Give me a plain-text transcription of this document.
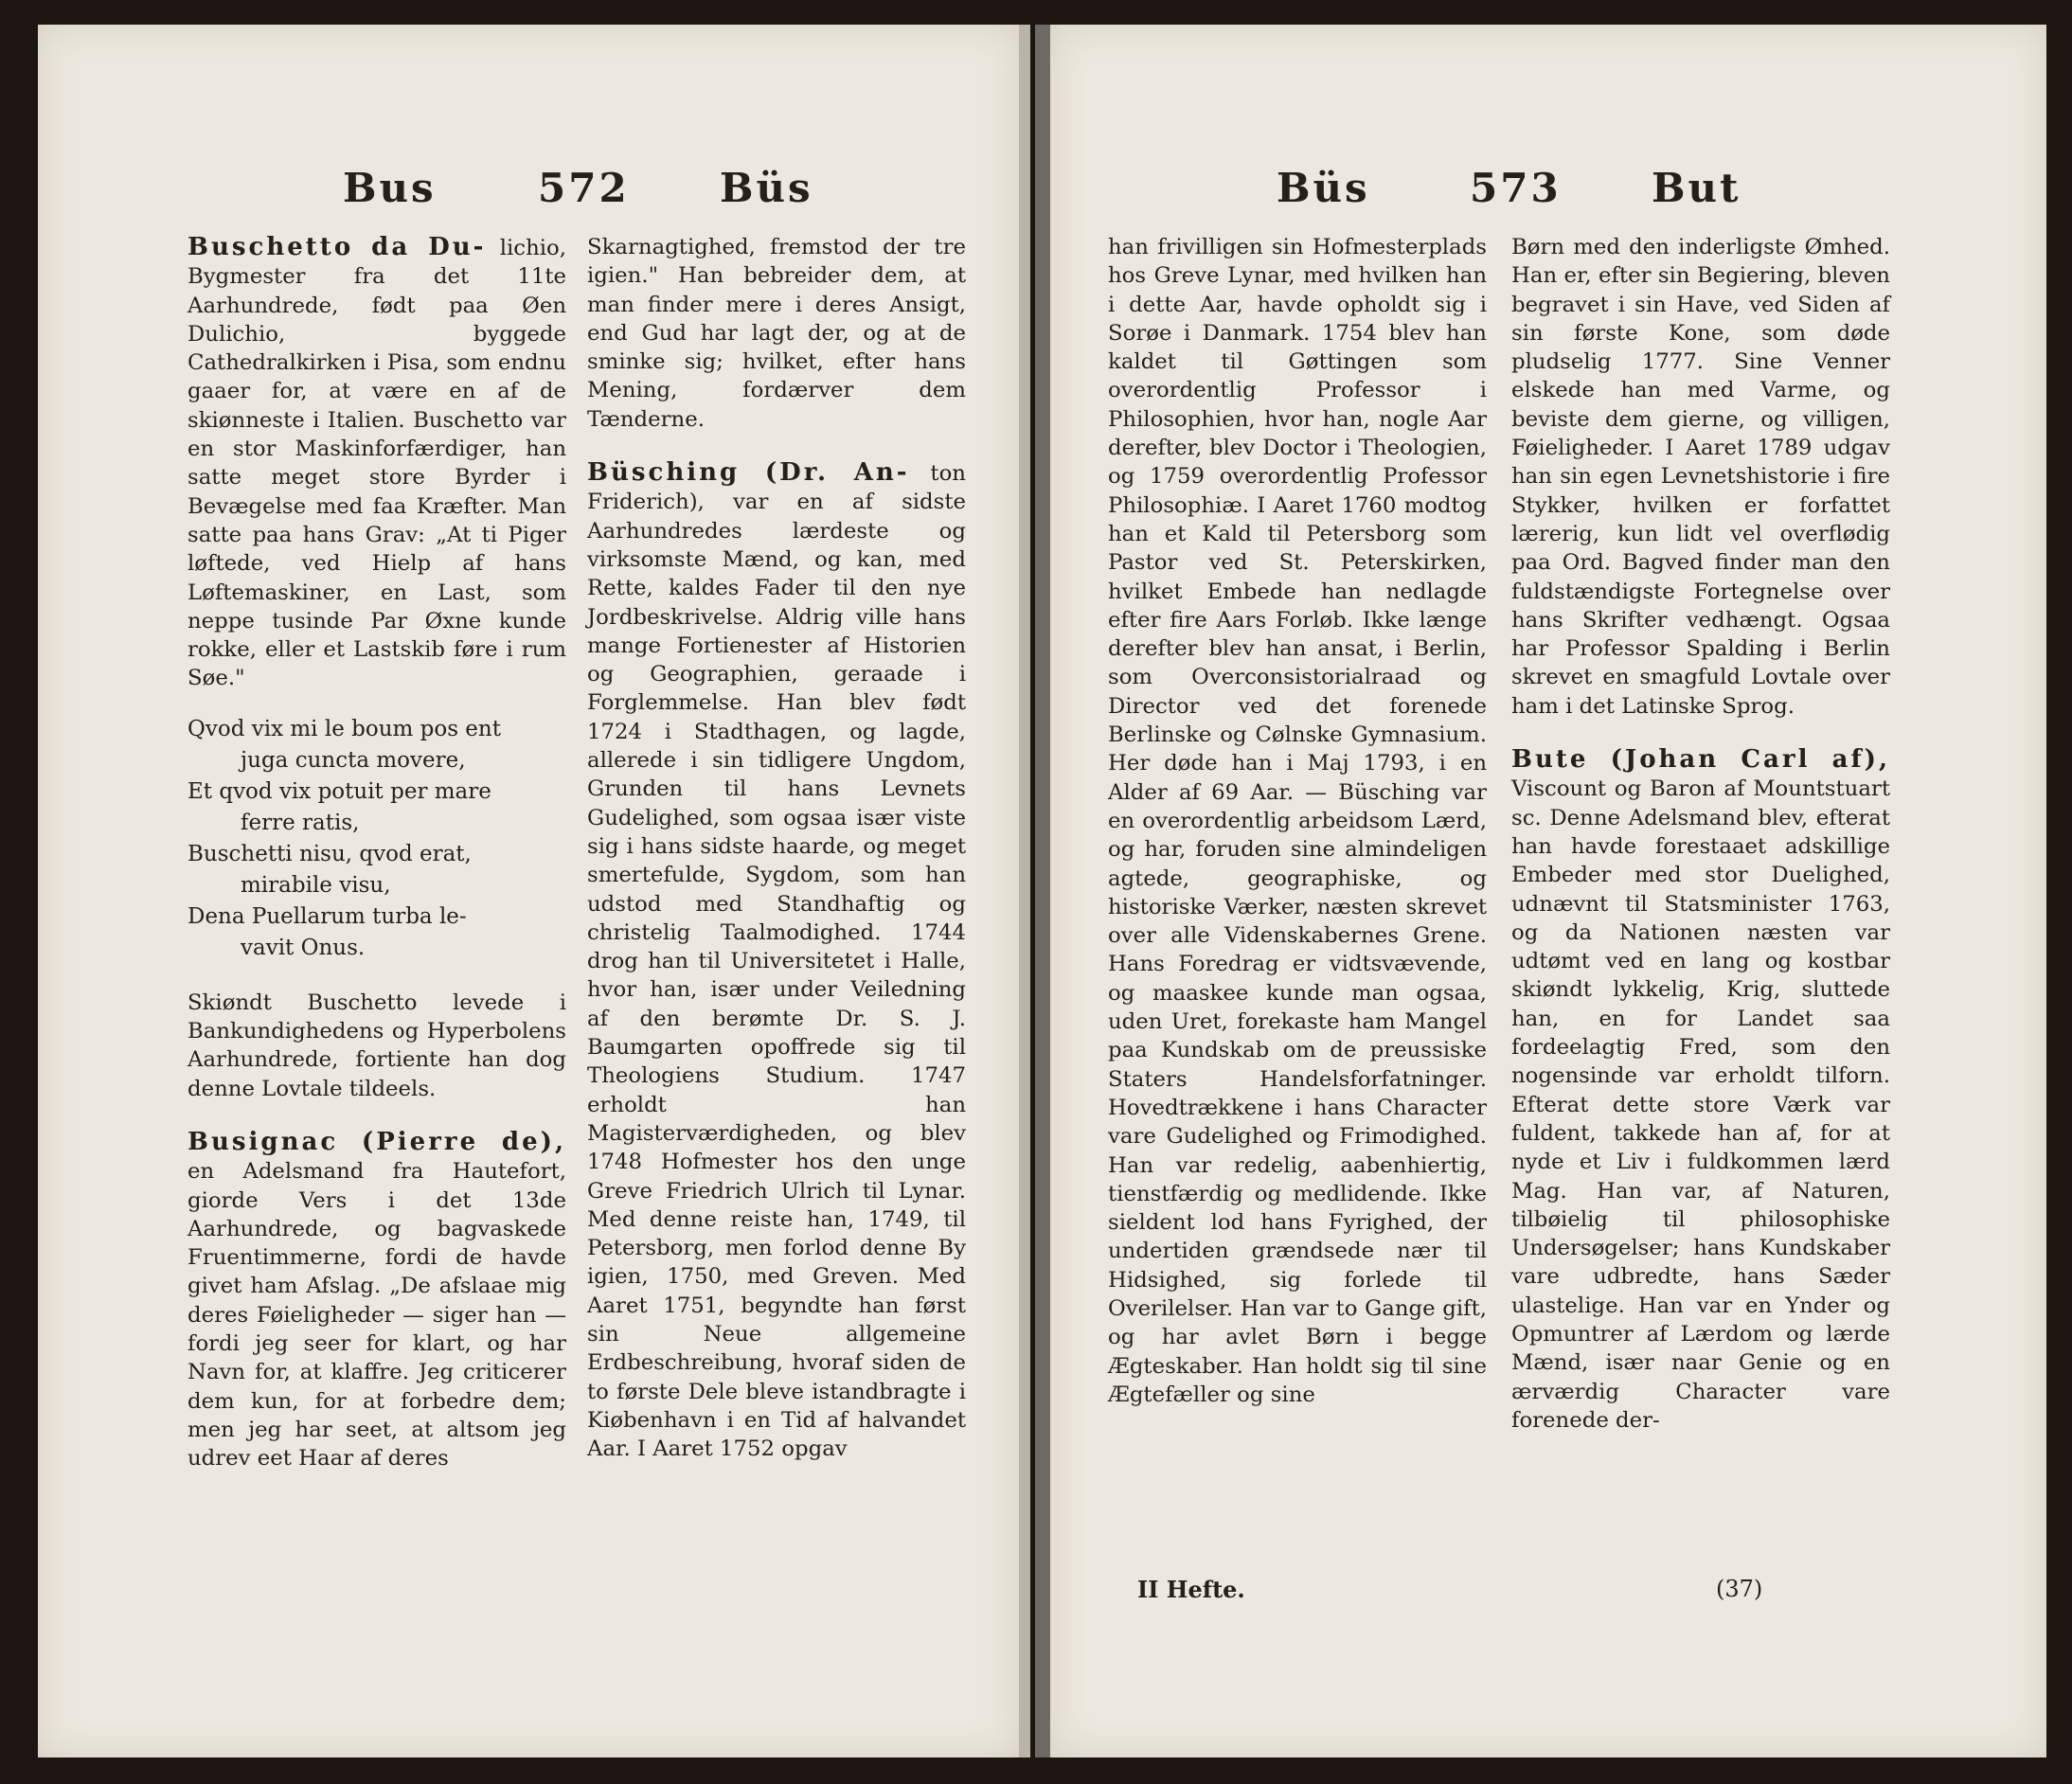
Bus	572 Büs

Buschetto da Du- lichio, Bygmester fra det 11te Aarhundrede, født paa Øen Dulichio, byggede Cathedralkirken i Pisa, som endnu gaaer for, at være en af de skiønneste i Italien. Buschetto var en stor Maskinforfærdiger, han satte meget store Byrder i Bevægelse med faa Kræfter. Man satte paa hans Grav: „At ti Piger løftede, ved Hielp af hans Løftemaskiner, en Last, som neppe tusinde Par Øxne kunde rokke, eller et Lastskib føre i rum Søe."

Qvod vix mi le boum pos ent
juga cuncta movere,
Et qvod vix potuit per mare
ferre ratis,
Buschetti nisu, qvod erat,
mirabile visu,
Dena Puellarum turba le-
vavit Onus.

Skiøndt Buschetto levede i Bankundighedens og Hyperbolens Aarhundrede, fortiente han dog denne Lovtale tildeels.

Busignac (Pierre de), en Adelsmand fra Hautefort, giorde Vers i det 13de Aarhundrede, og bagvaskede Fruentimmerne, fordi de havde givet ham Afslag. „De afslaae mig deres Føieligheder — siger han — fordi jeg seer for klart, og har Navn for, at klaffre. Jeg criticerer dem kun, for at forbedre dem; men jeg har seet, at altsom jeg udrev eet Haar af deres

Skarnagtighed, fremstod der tre igien." Han bebreider dem, at man finder mere i deres Ansigt, end Gud har lagt der, og at de sminke sig; hvilket, efter hans Mening, fordærver dem Tænderne.

Büsching (Dr. An- ton Friderich), var en af sidste Aarhundredes lærdeste og virksomste Mænd, og kan, med Rette, kaldes Fader til den nye Jordbeskrivelse. Aldrig ville hans mange Fortienester af Historien og Geographien, geraade i Forglemmelse. Han blev født 1724 i Stadthagen, og lagde, allerede i sin tidligere Ungdom, Grunden til hans Levnets Gudelighed, som ogsaa især viste sig i hans sidste haarde, og meget smertefulde, Sygdom, som han udstod med Standhaftig og christelig Taalmodighed. 1744 drog han til Universitetet i Halle, hvor han, især under Veiledning af den berømte Dr. S. J. Baumgarten opoffrede sig til Theologiens Studium. 1747 erholdt han Magisterværdigheden, og blev 1748 Hofmester hos den unge Greve Friedrich Ulrich til Lynar. Med denne reiste han, 1749, til Petersborg, men forlod denne By igien, 1750, med Greven. Med Aaret 1751, begyndte han først sin Neue allgemeine Erdbeschreibung, hvoraf siden de to første Dele bleve istandbragte i Kiøbenhavn i en Tid af halvandet Aar. I Aaret 1752 opgav

Büs	573 But

han frivilligen sin Hofmesterplads hos Greve Lynar, med hvilken han i dette Aar, havde opholdt sig i Sorøe i Danmark. 1754 blev han kaldet til Gøttingen som overordentlig Professor i Philosophien, hvor han, nogle Aar derefter, blev Doctor i Theologien, og 1759 overordentlig Professor Philosophiæ. I Aaret 1760 modtog han et Kald til Petersborg som Pastor ved St. Peterskirken, hvilket Embede han nedlagde efter fire Aars Forløb. Ikke længe derefter blev han ansat, i Berlin, som Overconsistorialraad og Director ved det forenede Berlinske og Cølnske Gymnasium. Her døde han i Maj 1793, i en Alder af 69 Aar. — Büsching var en overordentlig arbeidsom Lærd, og har, foruden sine almindeligen agtede, geographiske, og historiske Værker, næsten skrevet over alle Videnskabernes Grene. Hans Foredrag er vidtsvævende, og maaskee kunde man ogsaa, uden Uret, forekaste ham Mangel paa Kundskab om de preussiske Staters Handelsforfatninger. Hovedtrækkene i hans Character vare Gudelighed og Frimodighed. Han var redelig, aabenhiertig, tienstfærdig og medlidende. Ikke sieldent lod hans Fyrighed, der undertiden grændsede nær til Hidsighed, sig forlede til Overilelser. Han var to Gange gift, og har avlet Børn i begge Ægteskaber. Han holdt sig til sine Ægtefæller og sine

Børn med den inderligste Ømhed. Han er, efter sin Begiering, bleven begravet i sin Have, ved Siden af sin første Kone, som døde pludselig 1777. Sine Venner elskede han med Varme, og beviste dem gierne, og villigen, Føieligheder. I Aaret 1789 udgav han sin egen Levnetshistorie i fire Stykker, hvilken er forfattet lærerig, kun lidt vel overflødig paa Ord. Bagved finder man den fuldstændigste Fortegnelse over hans Skrifter vedhængt. Ogsaa har Professor Spalding i Berlin skrevet en smagfuld Lovtale over ham i det Latinske Sprog.

Bute (Johan Carl af), Viscount og Baron af Mountstuart sc. Denne Adelsmand blev, efterat han havde forestaaet adskillige Embeder med stor Duelighed, udnævnt til Statsminister 1763, og da Nationen næsten var udtømt ved en lang og kostbar skiøndt lykkelig, Krig, sluttede han, en for Landet saa fordeelagtig Fred, som den nogensinde var erholdt tilforn. Efterat dette store Værk var fuldent, takkede han af, for at nyde et Liv i fuldkommen lærd Mag. Han var, af Naturen, tilbøielig til philosophiske Undersøgelser; hans Kundskaber vare udbredte, hans Sæder ulastelige. Han var en Ynder og Opmuntrer af Lærdom og lærde Mænd, især naar Genie og en ærværdig Character vare forenede der-

II Hefte.	(37)
